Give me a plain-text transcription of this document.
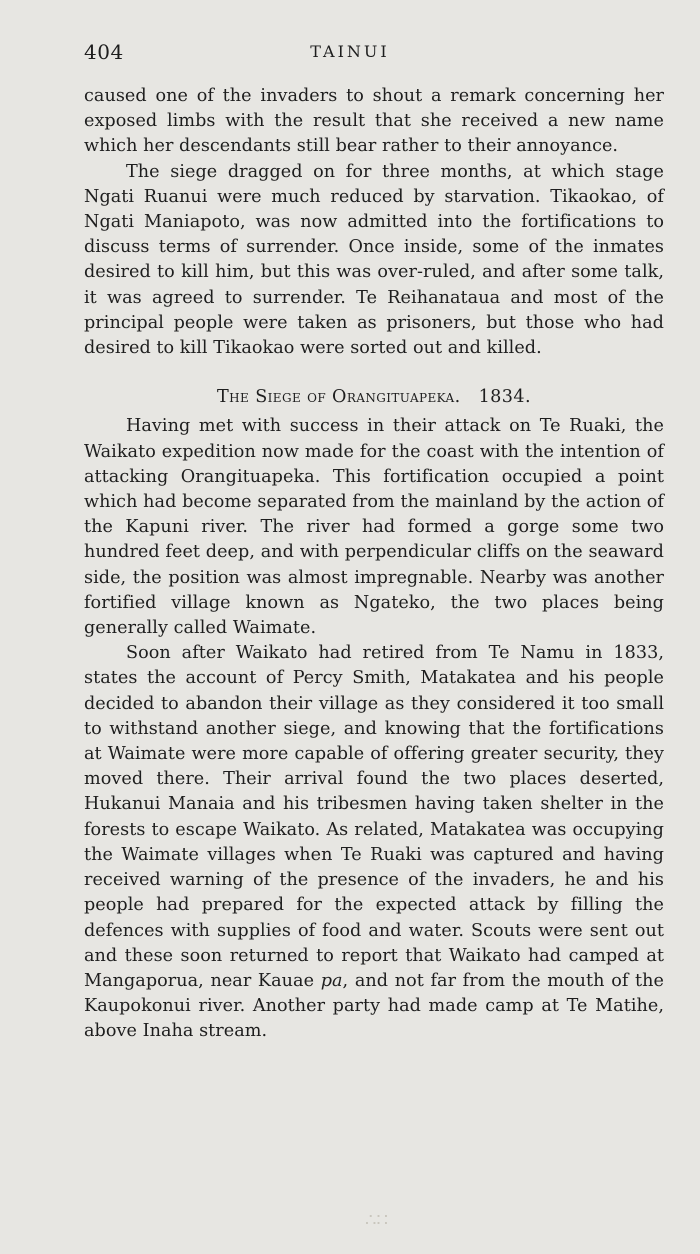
404	TAINUI

caused one of the invaders to shout a remark concerning her exposed limbs with the result that she received a new name which her descendants still bear rather to their annoyance.

The siege dragged on for three months, at which stage Ngati Ruanui were much reduced by starvation. Tikaokao, of Ngati Maniapoto, was now admitted into the fortifications to discuss terms of surrender. Once inside, some of the inmates desired to kill him, but this was over-ruled, and after some talk, it was agreed to surrender. Te Reihanataua and most of the principal people were taken as prisoners, but those who had desired to kill Tikaokao were sorted out and killed.

The Siege of Orangituapeka. 1834.

Having met with success in their attack on Te Ruaki, the Waikato expedition now made for the coast with the intention of attacking Orangituapeka. This fortification occupied a point which had become separated from the mainland by the action of the Kapuni river. The river had formed a gorge some two hundred feet deep, and with perpendicular cliffs on the seaward side, the position was almost impregnable. Nearby was another fortified village known as Ngateko, the two places being generally called Waimate.

Soon after Waikato had retired from Te Namu in 1833, states the account of Percy Smith, Matakatea and his people decided to abandon their village as they considered it too small to withstand another siege, and knowing that the fortifications at Waimate were more capable of offering greater security, they moved there. Their arrival found the two places deserted, Hukanui Manaia and his tribesmen having taken shelter in the forests to escape Waikato. As related, Matakatea was occupying the Waimate villages when Te Ruaki was captured and having received warning of the presence of the invaders, he and his people had prepared for the expected attack by filling the defences with supplies of food and water. Scouts were sent out and these soon returned to report that Waikato had camped at Mangaporua, near Kauae pa, and not far from the mouth of the Kaupokonui river. Another party had made camp at Te Matihe, above Inaha stream.

∴∷
